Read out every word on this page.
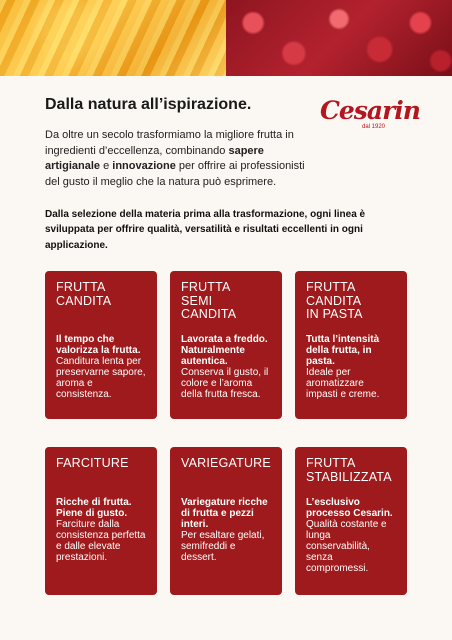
Dalla natura all’ispirazione.	Cesarin
dal 1920

Da oltre un secolo trasformiamo la migliore frutta in ingredienti d’eccellenza, combinando sapere artigianale e innovazione per offrire ai professionisti del gusto il meglio che la natura può esprimere.

Dalla selezione della materia prima alla trasformazione, ogni linea è sviluppata per offrire qualità, versatilità e risultati eccellenti in ogni applicazione.

FRUTTA
CANDITA
Il tempo che valorizza la frutta.
Canditura lenta per preservarne sapore, aroma e consistenza.
FRUTTA
SEMI
CANDITA
Lavorata a freddo. Naturalmente autentica.
Conserva il gusto, il colore e l’aroma della frutta fresca.
FRUTTA
CANDITA
IN PASTA
Tutta l’intensità della frutta, in pasta.
Ideale per aromatizzare impasti e creme.
FARCITURE
Ricche di frutta. Piene di gusto.
Farciture dalla consistenza perfetta e dalle elevate prestazioni.
VARIEGATURE
Variegature ricche di frutta e pezzi interi.
Per esaltare gelati, semifreddi e dessert.
FRUTTA
STABILIZZATA
L’esclusivo processo Cesarin.
Qualità costante e lunga conservabilità, senza compromessi.
